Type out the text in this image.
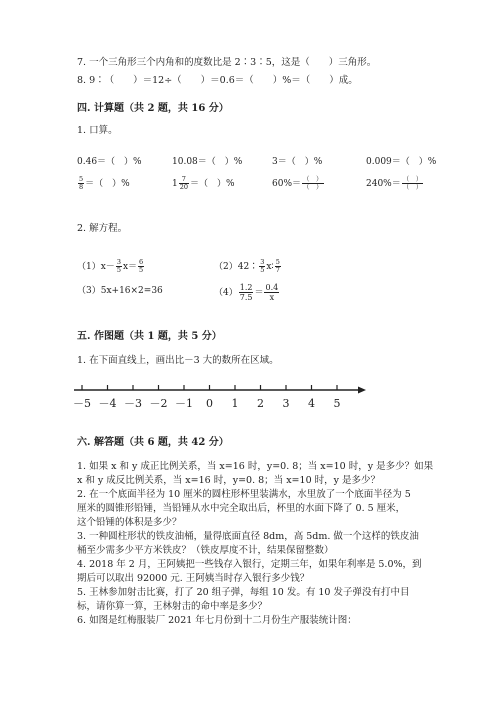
7. 一个三角形三个内角和的度数比是 2∶3∶5，这是（　　）三角形。
8. 9∶（　　）＝12÷（　　）＝0.6＝（　　）%＝（　　）成。
四. 计算题（共 2 题，共 16 分）
1. 口算。
0.46＝（　）%	10.08＝（　）%	3＝（　）%	0.009＝（　）%
$\frac{5}{8}$ ＝（　）%	$1 \frac{7}{20}$ ＝（　）%	$60\%= \frac{( )}{( )}$	$240\%= \frac{( )}{( )}$
2. 解方程。
$(1)x- \frac{3}{5} x= \frac{6}{5}$	（2）42∶ $\frac{3}{5}$ x∶ $\frac{5}{7}$
（3）5x+16×2=36	$(4) \frac{1.2}{7.5} = \frac{0.4}{x}$
五. 作图题（共 1 题，共 5 分）
1. 在下面直线上，画出比－3 大的数所在区域。
－5 －4 －3 －2 －1 0 1 2 3 4 5
六. 解答题（共 6 题，共 42 分）
1. 如果 x 和 y 成正比例关系，当 x=16 时，y=0. 8；当 x=10 时，y 是多少？如果
x 和 y 成反比例关系，当 x=16 时，y=0. 8；当 x=10 时，y 是多少？
2. 在一个底面半径为 10 厘米的圆柱形杯里装满水，水里放了一个底面半径为 5
厘米的圆锥形铅锤，当铅锤从水中完全取出后，杯里的水面下降了 0. 5 厘米，
这个铅锤的体积是多少？
3. 一种圆柱形状的铁皮油桶，量得底面直径 8dm，高 5dm. 做一个这样的铁皮油
桶至少需多少平方米铁皮？（铁皮厚度不计，结果保留整数）
4. 2018 年 2 月，王阿姨把一些钱存入银行，定期三年，如果年利率是 5.0%，到
期后可以取出 92000 元. 王阿姨当时存入银行多少钱？
5. 王林参加射击比赛，打了 20 组子弹，每组 10 发。有 10 发子弹没有打中目
标，请你算一算，王林射击的命中率是多少？
6. 如图是红梅服装厂 2021 年七月份到十二月份生产服装统计图：
